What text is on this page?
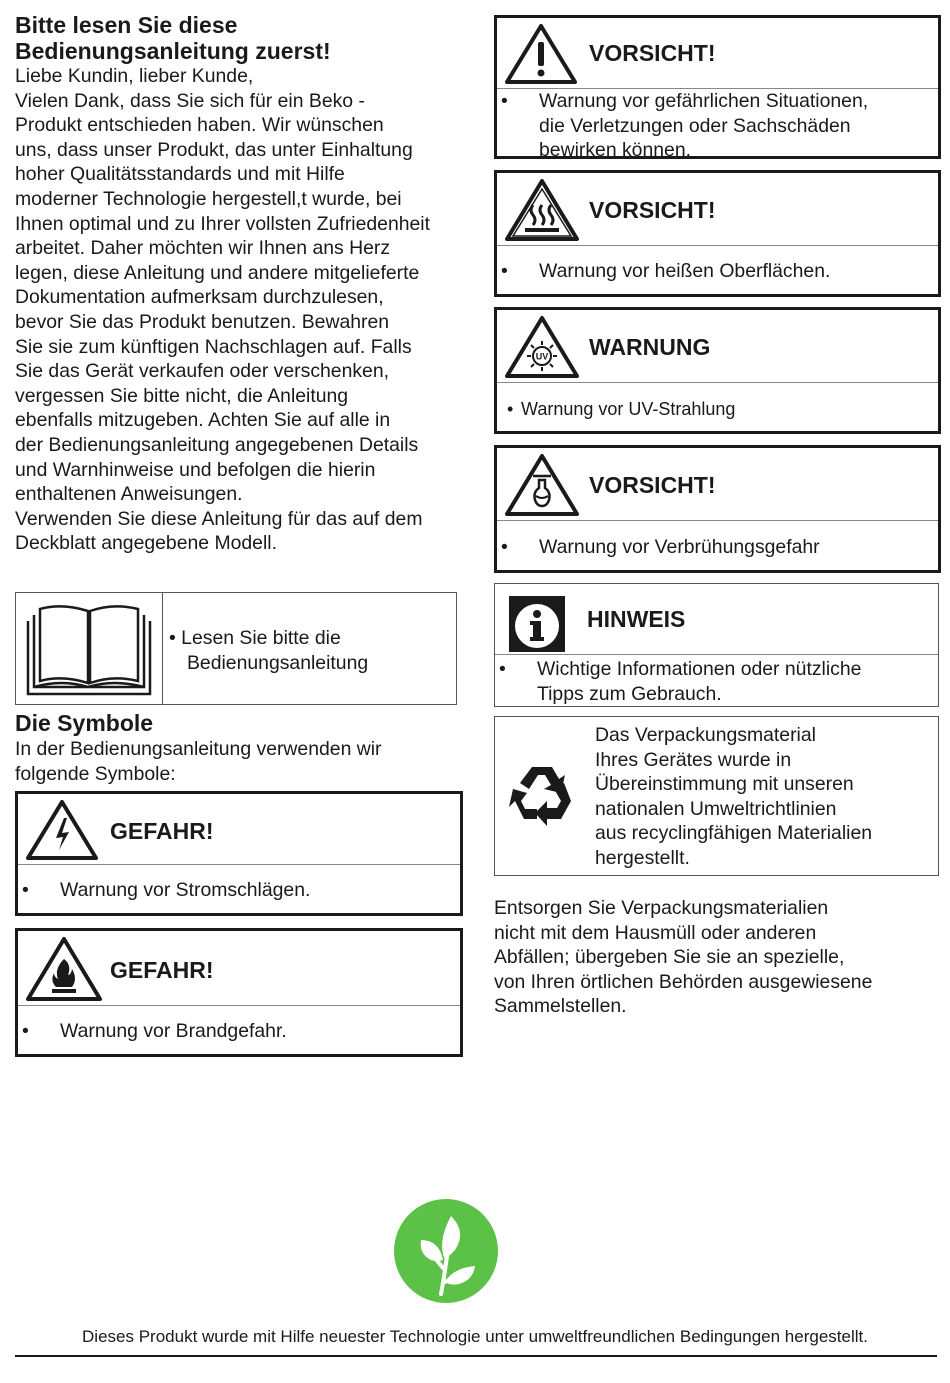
Bitte lesen Sie diese
Bedienungsanleitung zuerst!

Liebe Kundin, lieber Kunde,
Vielen Dank, dass Sie sich für ein Beko -
Produkt entschieden haben. Wir wünschen
uns, dass unser Produkt, das unter Einhaltung
hoher Qualitätsstandards und mit Hilfe
moderner Technologie hergestell,t wurde, bei
Ihnen optimal und zu Ihrer vollsten Zufriedenheit
arbeitet. Daher möchten wir Ihnen ans Herz
legen, diese Anleitung und andere mitgelieferte
Dokumentation aufmerksam durchzulesen,
bevor Sie das Produkt benutzen. Bewahren
Sie sie zum künftigen Nachschlagen auf. Falls
Sie das Gerät verkaufen oder verschenken,
vergessen Sie bitte nicht, die Anleitung
ebenfalls mitzugeben. Achten Sie auf alle in
der Bedienungsanleitung angegebenen Details
und Warnhinweise und befolgen die hierin
enthaltenen Anweisungen.
Verwenden Sie diese Anleitung für das auf dem
Deckblatt angegebene Modell.

• Lesen Sie bitte die
Bedienungsanleitung
Die Symbole

In der Bedienungsanleitung verwenden wir
folgende Symbole:

GEFAHR!
• Warnung vor Stromschlägen.
GEFAHR!
• Warnung vor Brandgefahr.
VORSICHT!
• Warnung vor gefährlichen Situationen,
die Verletzungen oder Sachschäden
bewirken können.
VORSICHT!
• Warnung vor heißen Oberflächen.
UV WARNUNG
• Warnung vor UV-Strahlung
VORSICHT!
• Warnung vor Verbrühungsgefahr
HINWEIS
• Wichtige Informationen oder nützliche
Tipps zum Gebrauch.
Das Verpackungsmaterial
Ihres Gerätes wurde in
Übereinstimmung mit unseren
nationalen Umweltrichtlinien
aus recyclingfähigen Materialien
hergestellt.

Entsorgen Sie Verpackungsmaterialien
nicht mit dem Hausmüll oder anderen
Abfällen; übergeben Sie sie an spezielle,
von Ihren örtlichen Behörden ausgewiesene
Sammelstellen.

Dieses Produkt wurde mit Hilfe neuester Technologie unter umweltfreundlichen Bedingungen hergestellt.
